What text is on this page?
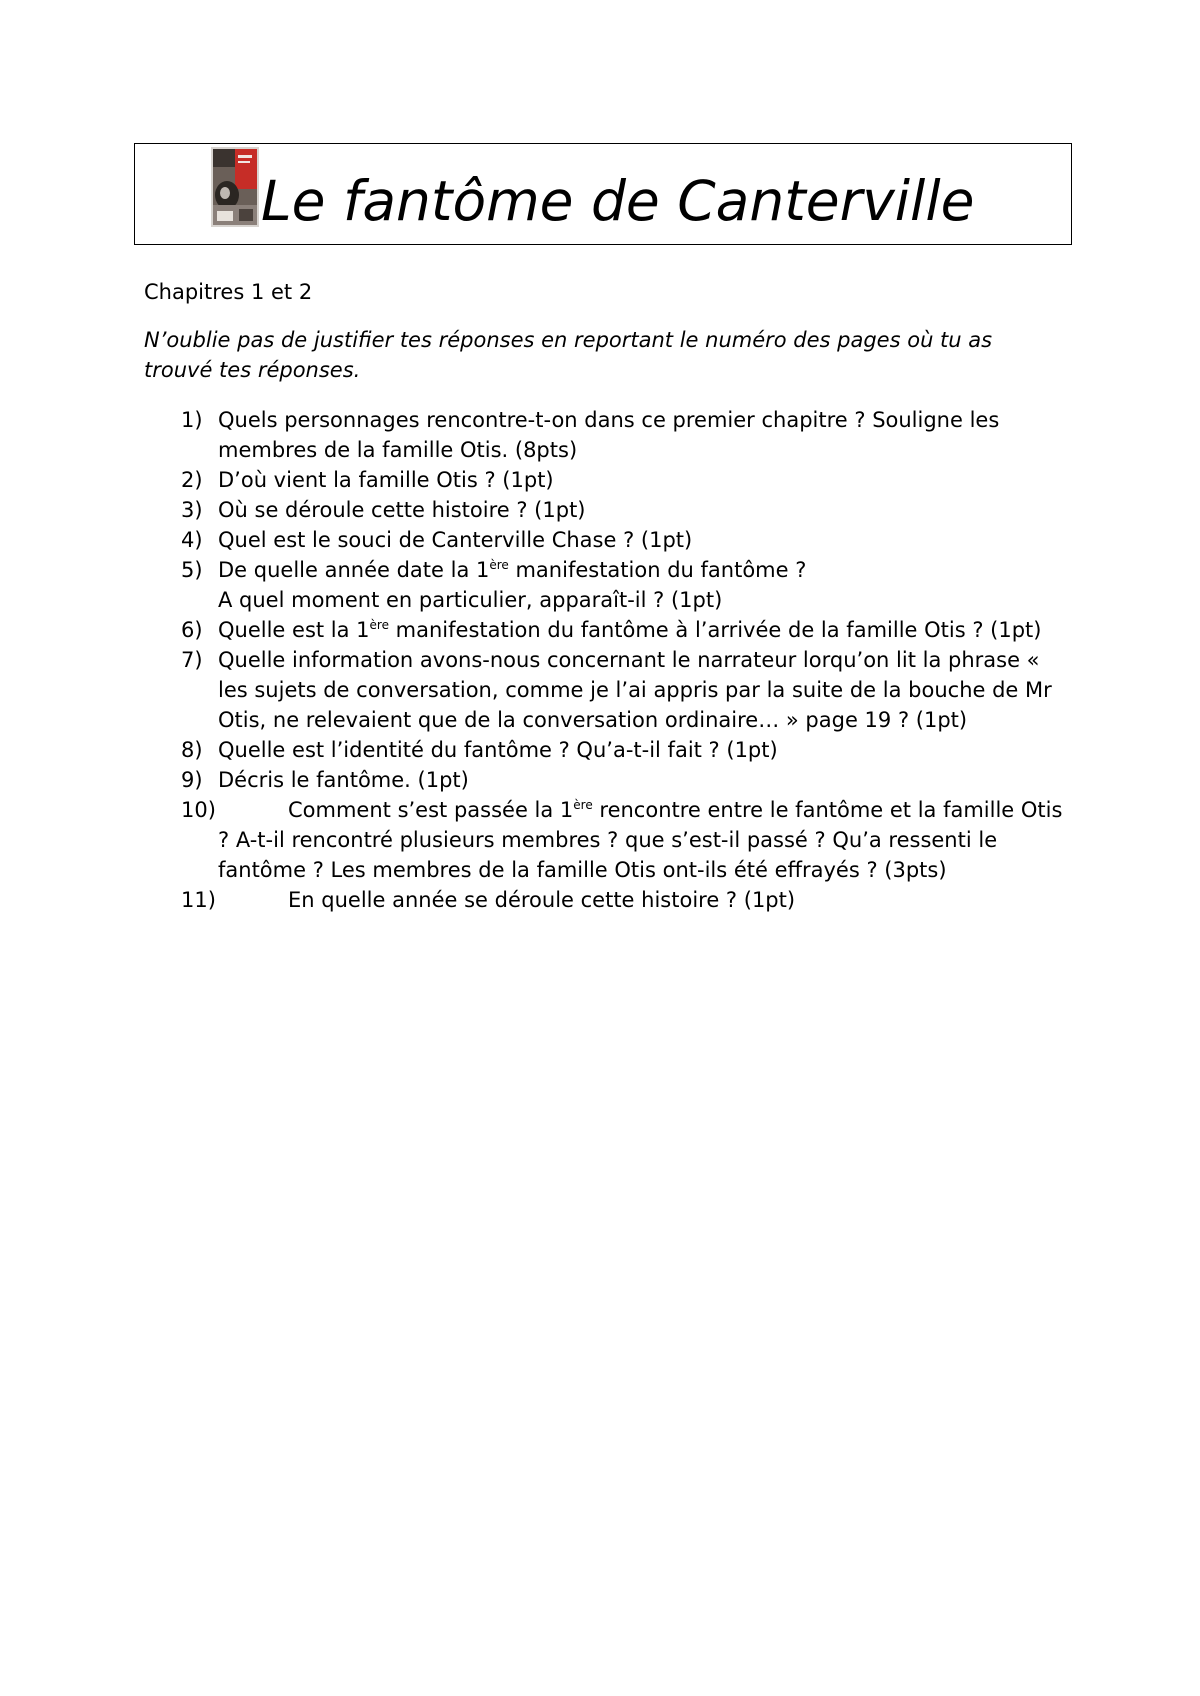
Le fantôme de Canterville
Chapitres 1 et 2
N’oublie pas de justifier tes réponses en reportant le numéro des pages où tu as trouvé tes réponses.
1) Quels personnages rencontre-t-on dans ce premier chapitre ? Souligne les membres de la famille Otis. (8pts)
2) D’où vient la famille Otis ? (1pt)
3) Où se déroule cette histoire ? (1pt)
4) Quel est le souci de Canterville Chase ? (1pt)
5) De quelle année date la 1ère manifestation du fantôme ?
A quel moment en particulier, apparaît-il ? (1pt)
6) Quelle est la 1ère manifestation du fantôme à l’arrivée de la famille Otis ? (1pt)
7) Quelle information avons-nous concernant le narrateur lorqu’on lit la phrase « les sujets de conversation, comme je l’ai appris par la suite de la bouche de Mr Otis, ne relevaient que de la conversation ordinaire… » page 19 ? (1pt)
8) Quelle est l’identité du fantôme ? Qu’a-t-il fait ? (1pt)
9) Décris le fantôme. (1pt)
10)	Comment s’est passée la 1ère rencontre entre le fantôme et la famille Otis ? A-t-il rencontré plusieurs membres ? que s’est-il passé ? Qu’a ressenti le fantôme ? Les membres de la famille Otis ont-ils été effrayés ? (3pts)
11)	En quelle année se déroule cette histoire ? (1pt)
